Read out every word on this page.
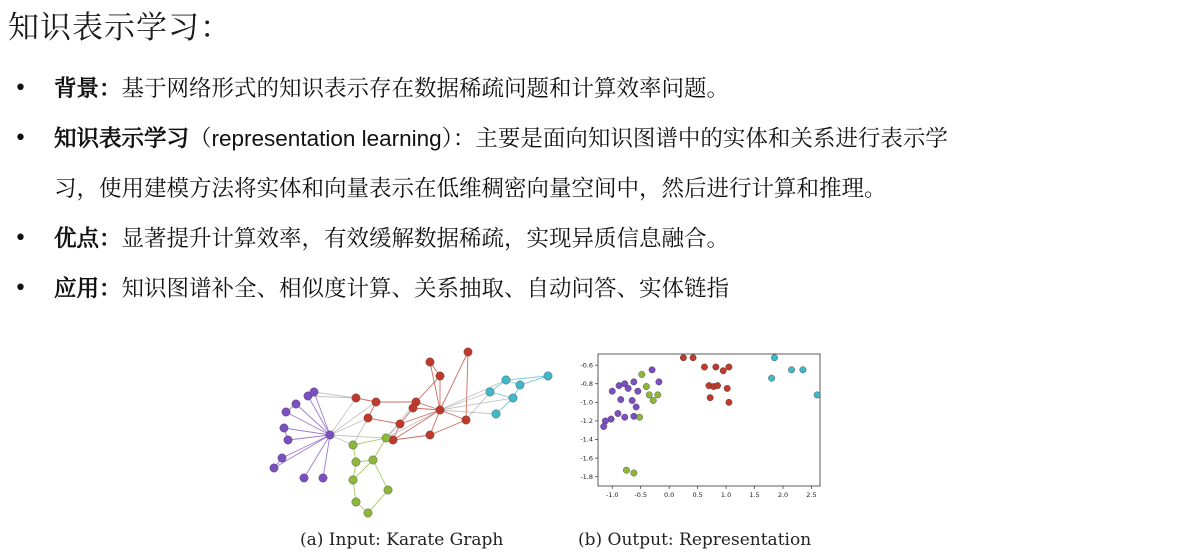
知识表示学习：
• 背景：基于网络形式的知识表示存在数据稀疏问题和计算效率问题。
• 知识表示学习（representation learning）：主要是面向知识图谱中的实体和关系进行表示学
习，使用建模方法将实体和向量表示在低维稠密向量空间中，然后进行计算和推理。
• 优点：显著提升计算效率，有效缓解数据稀疏，实现异质信息融合。
• 应用：知识图谱补全、相似度计算、关系抽取、自动问答、实体链指
-1.0 -0.5	0.0	0.5	1.0	1.5	2.0	2.5
-0.6
-0.8
-1.0
-1.2
-1.4
-1.6
-1.8
(a) Input: Karate Graph	(b) Output: Representation
